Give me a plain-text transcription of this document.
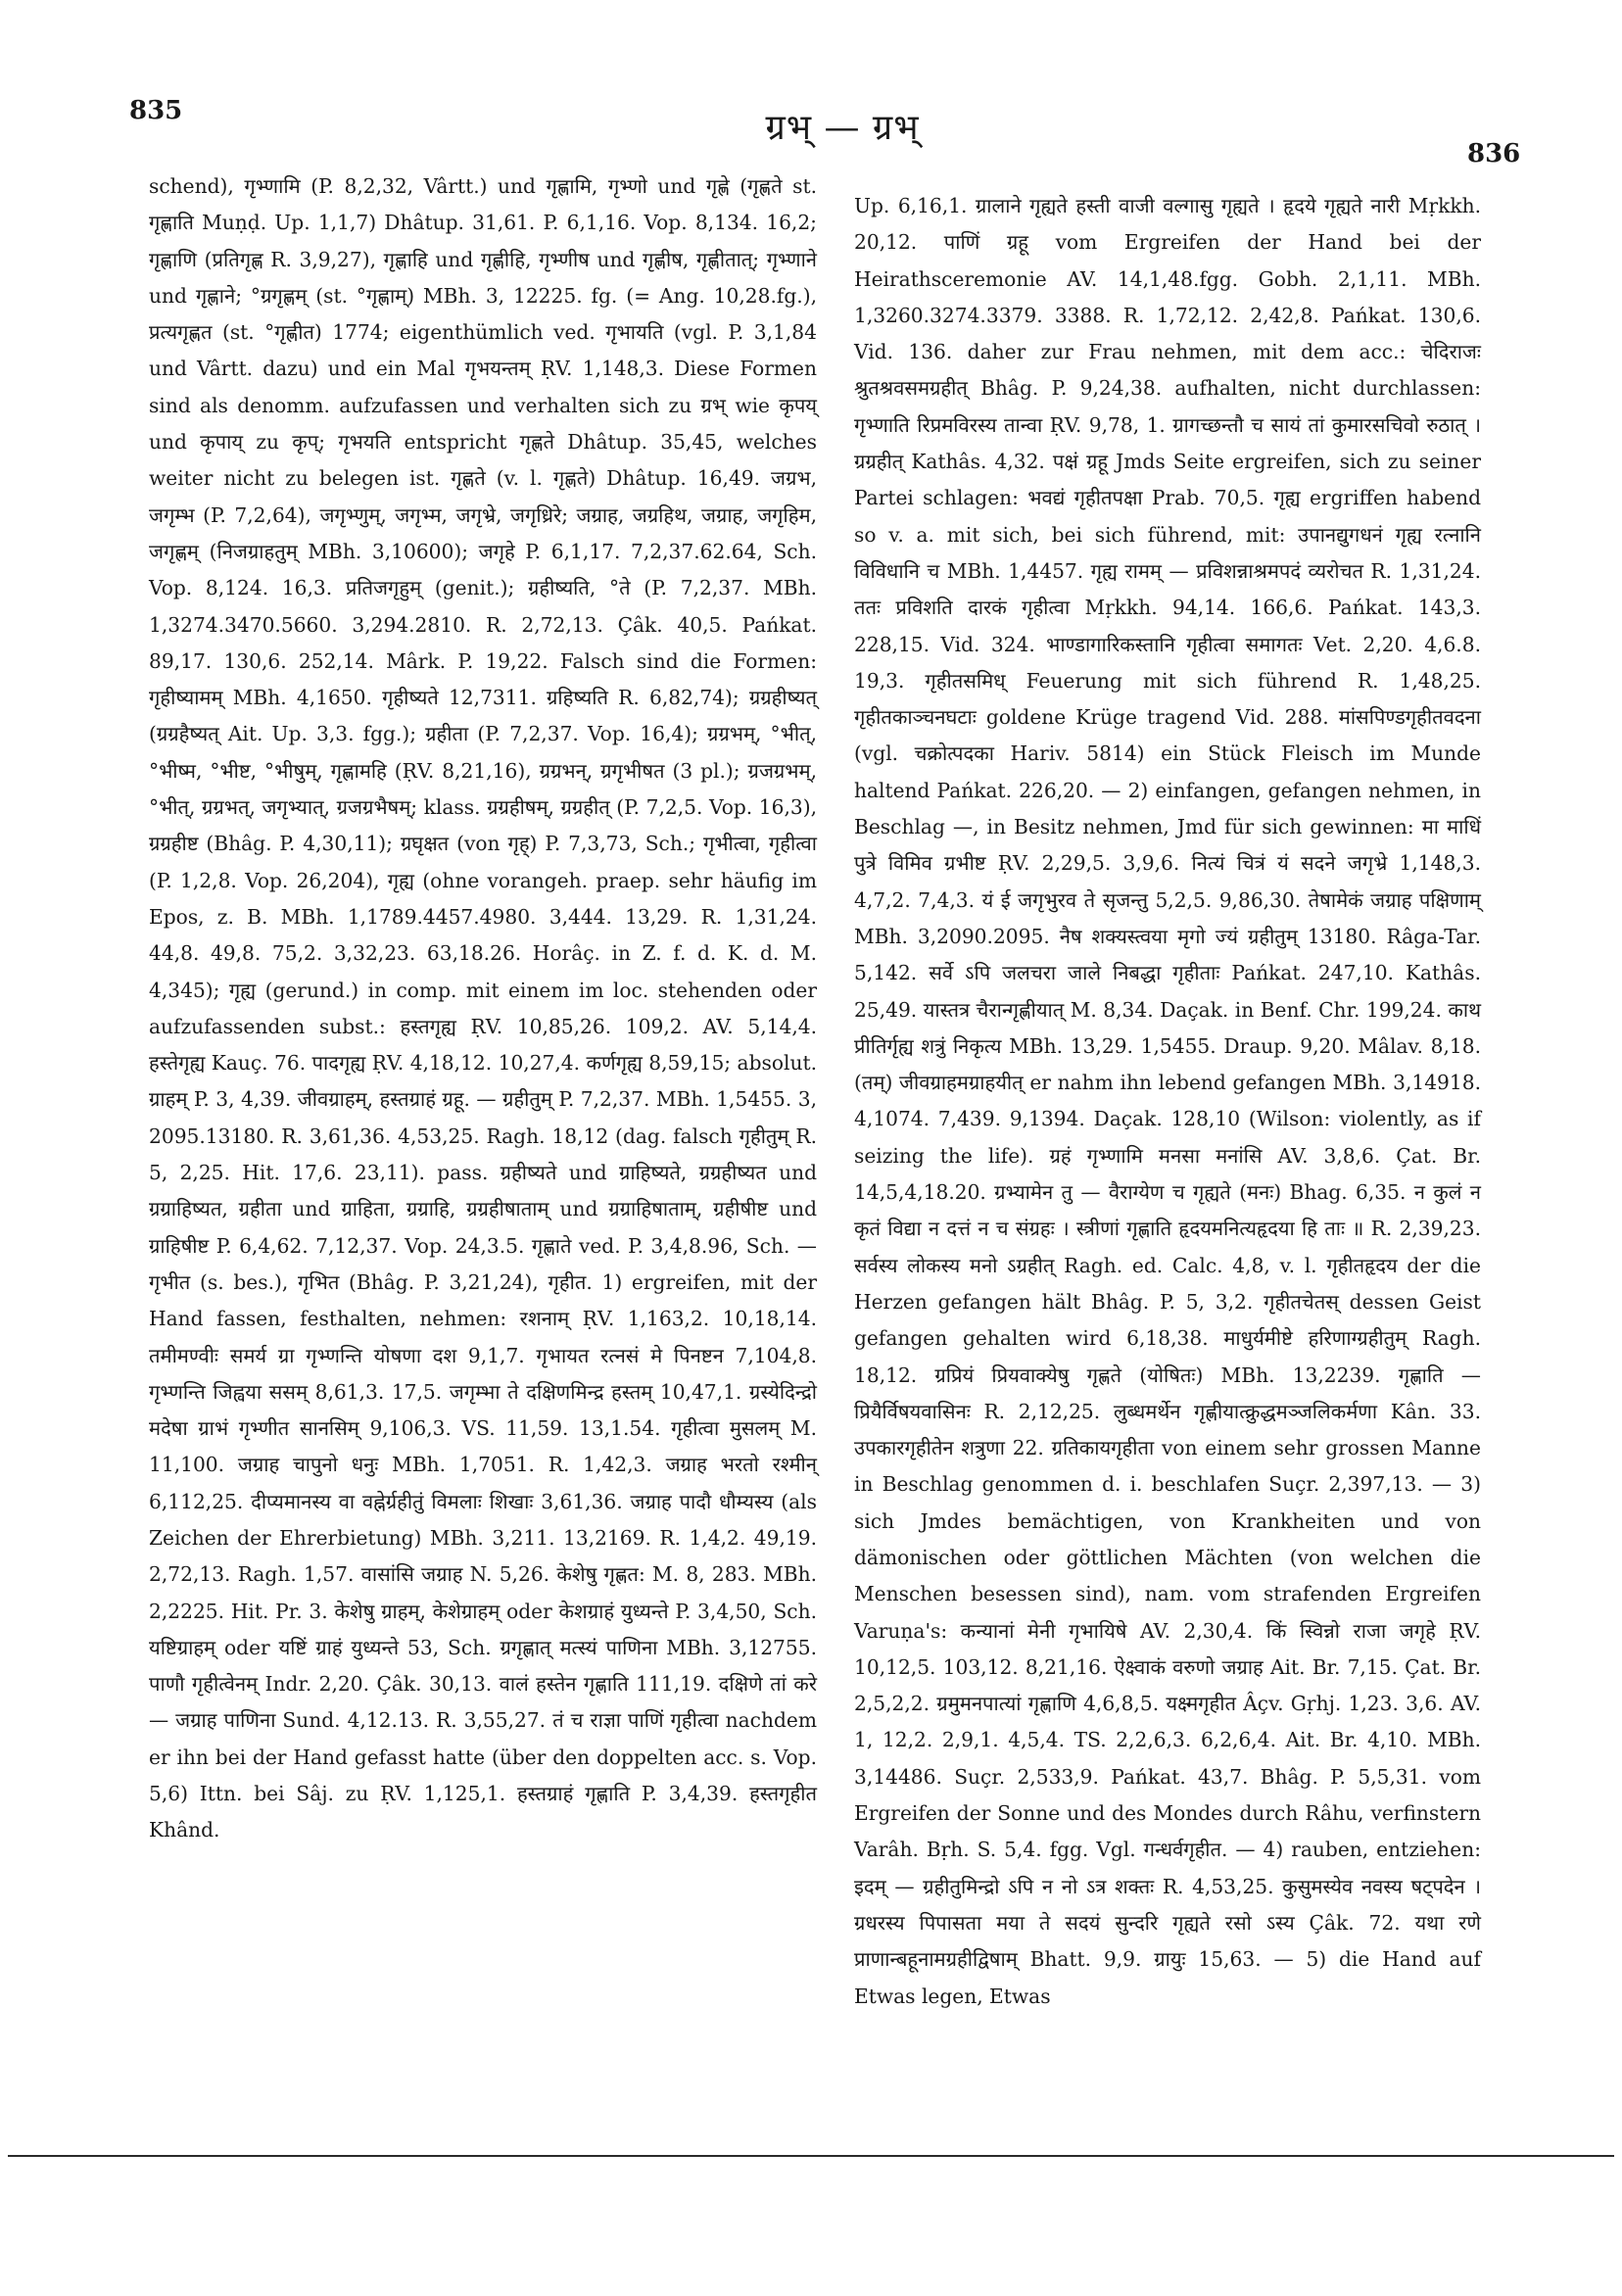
835	ग्रभ् — ग्रभ्
836

schend), गृभ्णामि (P. 8,2,32, Vârtt.) und गृह्णामि, गृभ्णो und गृह्णे (गृह्णते st. गृह्णाति Muṇḍ. Up. 1,1,7) Dhâtup. 31,61. P. 6,1,16. Vop. 8,134. 16,2; गृह्णाणि (प्रतिगृह्ण R. 3,9,27), गृह्णाहि und गृह्णीहि, गृभ्णीष und गृह्णीष, गृह्णीतात्; गृभ्णाने und गृह्णाने; °ग्रगृह्णम् (st. °गृह्णाम्) MBh. 3, 12225. fg. (= Ang. 10,28.fg.), प्रत्यगृह्णत (st. °गृह्णीत) 1774; eigenthümlich ved. गृभायति (vgl. P. 3,1,84 und Vârtt. dazu) und ein Mal गृभयन्तम् ṚV. 1,148,3. Diese Formen sind als denomm. aufzufassen und verhalten sich zu ग्रभ् wie कृपय् und कृपाय् zu कृप्; गृभयति entspricht गृह्णते Dhâtup. 35,45, welches weiter nicht zu belegen ist. गृह्णते (v. l. गृह्णते) Dhâtup. 16,49. जग्रभ, जगृम्भ (P. 7,2,64), जगृभ्णुम्, जगृभ्म, जगृभ्रे, जगृध्रिरे; जग्राह, जग्रहिथ, जग्राह, जगृहिम, जगृह्णम् (निजग्राहतुम् MBh. 3,10600); जगृहे P. 6,1,17. 7,2,37.62.64, Sch. Vop. 8,124. 16,3. प्रतिजगृहुम् (genit.); ग्रहीष्यति, °ते (P. 7,2,37. MBh. 1,3274.3470.5660. 3,294.2810. R. 2,72,13. Çâk. 40,5. Pańkat. 89,17. 130,6. 252,14. Mârk. P. 19,22. Falsch sind die Formen: गृहीष्यामम् MBh. 4,1650. गृहीष्यते 12,7311. ग्रहिष्यति R. 6,82,74); ग्रग्रहीष्यत् (ग्रग्रहैष्यत् Ait. Up. 3,3. fgg.); ग्रहीता (P. 7,2,37. Vop. 16,4); ग्रग्रभम्, °भीत्, °भीष्म, °भीष्ट, °भीषुम्, गृह्णामहि (ṚV. 8,21,16), ग्रग्रभन्, ग्रगृभीषत (3 pl.); ग्रजग्रभम्, °भीत्, ग्रग्रभत्, जगृभ्यात्, ग्रजग्रभैषम्; klass. ग्रग्रहीषम्, ग्रग्रहीत् (P. 7,2,5. Vop. 16,3), ग्रग्रहीष्ट (Bhâg. P. 4,30,11); ग्रघृक्षत (von गृह्) P. 7,3,73, Sch.; गृभीत्वा, गृहीत्वा (P. 1,2,8. Vop. 26,204), गृह्य (ohne vorangeh. praep. sehr häufig im Epos, z. B. MBh. 1,1789.4457.4980. 3,444. 13,29. R. 1,31,24. 44,8. 49,8. 75,2. 3,32,23. 63,18.26. Horâç. in Z. f. d. K. d. M. 4,345); गृह्य (gerund.) in comp. mit einem im loc. stehenden oder aufzufassenden subst.: हस्तगृह्य ṚV. 10,85,26. 109,2. AV. 5,14,4. हस्तेगृह्य Kauç. 76. पादगृह्य ṚV. 4,18,12. 10,27,4. कर्णगृह्य 8,59,15; absolut. ग्राहम् P. 3, 4,39. जीवग्राहम्, हस्तग्राहं ग्रहू. — ग्रहीतुम् P. 7,2,37. MBh. 1,5455. 3, 2095.13180. R. 3,61,36. 4,53,25. Ragh. 18,12 (dag. falsch गृहीतुम् R. 5, 2,25. Hit. 17,6. 23,11). pass. ग्रहीष्यते und ग्राहिष्यते, ग्रग्रहीष्यत und ग्रग्राहिष्यत, ग्रहीता und ग्राहिता, ग्रग्राहि, ग्रग्रहीषाताम् und ग्रग्राहिषाताम्, ग्रहीषीष्ट und ग्राहिषीष्ट P. 6,4,62. 7,12,37. Vop. 24,3.5. गृह्णाते ved. P. 3,4,8.96, Sch. — गृभीत (s. bes.), गृभित (Bhâg. P. 3,21,24), गृहीत. 1) ergreifen, mit der Hand fassen, festhalten, nehmen: रशनाम् ṚV. 1,163,2. 10,18,14. तमीमण्वीः समर्य ग्रा गृभ्णन्ति योषणा दश 9,1,7. गृभायत रत्नसं मे पिनष्टन 7,104,8. गृभ्णन्ति जिह्वया ससम् 8,61,3. 17,5. जगृम्भा ते दक्षिणमिन्द्र हस्तम् 10,47,1. ग्रस्येदिन्द्रो मदेषा ग्राभं गृभ्णीत सानसिम् 9,106,3. VS. 11,59. 13,1.54. गृहीत्वा मुसलम् M. 11,100. जग्राह चापुनो धनुः MBh. 1,7051. R. 1,42,3. जग्राह भरतो रश्मीन् 6,112,25. दीप्यमानस्य वा वह्नेर्ग्रहीतुं विमलाः शिखाः 3,61,36. जग्राह पादौ धौम्यस्य (als Zeichen der Ehrerbietung) MBh. 3,211. 13,2169. R. 1,4,2. 49,19. 2,72,13. Ragh. 1,57. वासांसि जग्राह N. 5,26. केशेषु गृह्णत: M. 8, 283. MBh. 2,2225. Hit. Pr. 3. केशेषु ग्राहम्, केशेग्राहम् oder केशग्राहं युध्यन्ते P. 3,4,50, Sch. यष्टिग्राहम् oder यष्टिं ग्राहं युध्यन्ते 53, Sch. ग्रगृह्णात् मत्स्यं पाणिना MBh. 3,12755. पाणौ गृहीत्वेनम् Indr. 2,20. Çâk. 30,13. वालं हस्तेन गृह्णाति 111,19. दक्षिणे तां करे — जग्राह पाणिना Sund. 4,12.13. R. 3,55,27. तं च राज्ञा पाणिं गृहीत्वा nachdem er ihn bei der Hand gefasst hatte (über den doppelten acc. s. Vop. 5,6) Ittn. bei Sâj. zu ṚV. 1,125,1. हस्तग्राहं गृह्णाति P. 3,4,39. हस्तगृहीत Khând.

Up. 6,16,1. ग्रालाने गृह्यते हस्ती वाजी वल्गासु गृह्यते । हृदये गृह्यते नारी Mṛkkh. 20,12. पाणिं ग्रहू vom Ergreifen der Hand bei der Heirathsceremonie AV. 14,1,48.fgg. Gobh. 2,1,11. MBh. 1,3260.3274.3379. 3388. R. 1,72,12. 2,42,8. Pańkat. 130,6. Vid. 136. daher zur Frau nehmen, mit dem acc.: चेदिराजः श्रुतश्रवसमग्रहीत् Bhâg. P. 9,24,38. aufhalten, nicht durchlassen: गृभ्णाति रिप्रमविरस्य तान्वा ṚV. 9,78, 1. ग्रागच्छन्तौ च सायं तां कुमारसचिवो रुठात् । ग्रग्रहीत् Kathâs. 4,32. पक्षं ग्रहू Jmds Seite ergreifen, sich zu seiner Partei schlagen: भवद्यं गृहीतपक्षा Prab. 70,5. गृह्य ergriffen habend so v. a. mit sich, bei sich führend, mit: उपानद्युगधनं गृह्य रत्नानि विविधानि च MBh. 1,4457. गृह्य रामम् — प्रविशन्नाश्रमपदं व्यरोचत R. 1,31,24. ततः प्रविशति दारकं गृहीत्वा Mṛkkh. 94,14. 166,6. Pańkat. 143,3. 228,15. Vid. 324. भाण्डागारिकस्तानि गृहीत्वा समागतः Vet. 2,20. 4,6.8. 19,3. गृहीतसमिध् Feuerung mit sich führend R. 1,48,25. गृहीतकाञ्चनघटाः goldene Krüge tragend Vid. 288. मांसपिण्डगृहीतवदना (vgl. चक्रोत्पदका Hariv. 5814) ein Stück Fleisch im Munde haltend Pańkat. 226,20. — 2) einfangen, gefangen nehmen, in Beschlag —, in Besitz nehmen, Jmd für sich gewinnen: मा माधिं पुत्रे विमिव ग्रभीष्ट ṚV. 2,29,5. 3,9,6. नित्यं चित्रं यं सदने जगृभ्रे 1,148,3. 4,7,2. 7,4,3. यं ई जगृभुरव ते सृजन्तु 5,2,5. 9,86,30. तेषामेकं जग्राह पक्षिणाम् MBh. 3,2090.2095. नैष शक्यस्त्वया मृगो ज्यं ग्रहीतुम् 13180. Râga-Tar. 5,142. सर्वे ऽपि जलचरा जाले निबद्धा गृहीताः Pańkat. 247,10. Kathâs. 25,49. यास्तत्र चैरान्गृह्णीयात् M. 8,34. Daçak. in Benf. Chr. 199,24. काथ प्रीतिर्गृह्य शत्रुं निकृत्य MBh. 13,29. 1,5455. Draup. 9,20. Mâlav. 8,18. (तम्) जीवग्राहमग्राहयीत् er nahm ihn lebend gefangen MBh. 3,14918. 4,1074. 7,439. 9,1394. Daçak. 128,10 (Wilson: violently, as if seizing the life). ग्रहं गृभ्णामि मनसा मनांसि AV. 3,8,6. Çat. Br. 14,5,4,18.20. ग्रभ्यामेन तु — वैराग्येण च गृह्यते (मनः) Bhag. 6,35. न कुलं न कृतं विद्या न दत्तं न च संग्रहः । स्त्रीणां गृह्णाति हृदयमनित्यहृदया हि ताः ॥ R. 2,39,23. सर्वस्य लोकस्य मनो ऽग्रहीत् Ragh. ed. Calc. 4,8, v. l. गृहीतहृदय der die Herzen gefangen hält Bhâg. P. 5, 3,2. गृहीतचेतस् dessen Geist gefangen gehalten wird 6,18,38. माधुर्यमीष्टे हरिणाग्ग्रहीतुम् Ragh. 18,12. ग्रप्रियं प्रियवाक्येषु गृह्णते (योषितः) MBh. 13,2239. गृह्णाति — प्रियैर्विषयवासिनः R. 2,12,25. लुब्धमर्थेन गृह्णीयात्क्रुद्धमञ्जलिकर्मणा Kân. 33. उपकारगृहीतेन शत्रुणा 22. ग्रतिकायगृहीता von einem sehr grossen Manne in Beschlag genommen d. i. beschlafen Suçr. 2,397,13. — 3) sich Jmdes bemächtigen, von Krankheiten und von dämonischen oder göttlichen Mächten (von welchen die Menschen besessen sind), nam. vom strafenden Ergreifen Varuṇa's: कन्यानां मेनी गृभायिषे AV. 2,30,4. किं स्विन्नो राजा जगृहे ṚV. 10,12,5. 103,12. 8,21,16. ऐक्ष्वाकं वरुणो जग्राह Ait. Br. 7,15. Çat. Br. 2,5,2,2. ग्रमुमनपात्यां गृह्णाणि 4,6,8,5. यक्ष्मगृहीत Âçv. Gṛhj. 1,23. 3,6. AV. 1, 12,2. 2,9,1. 4,5,4. TS. 2,2,6,3. 6,2,6,4. Ait. Br. 4,10. MBh. 3,14486. Suçr. 2,533,9. Pańkat. 43,7. Bhâg. P. 5,5,31. vom Ergreifen der Sonne und des Mondes durch Râhu, verfinstern Varâh. Bṛh. S. 5,4. fgg. Vgl. गन्धर्वगृहीत. — 4) rauben, entziehen: इदम् — ग्रहीतुमिन्द्रो ऽपि न नो ऽत्र शक्तः R. 4,53,25. कुसुमस्येव नवस्य षट्पदेन । ग्रधरस्य पिपासता मया ते सदयं सुन्दरि गृह्यते रसो ऽस्य Çâk. 72. यथा रणे प्राणान्बहूनामग्रहीद्विषाम् Bhatt. 9,9. ग्रायुः 15,63. — 5) die Hand auf Etwas legen, Etwas
